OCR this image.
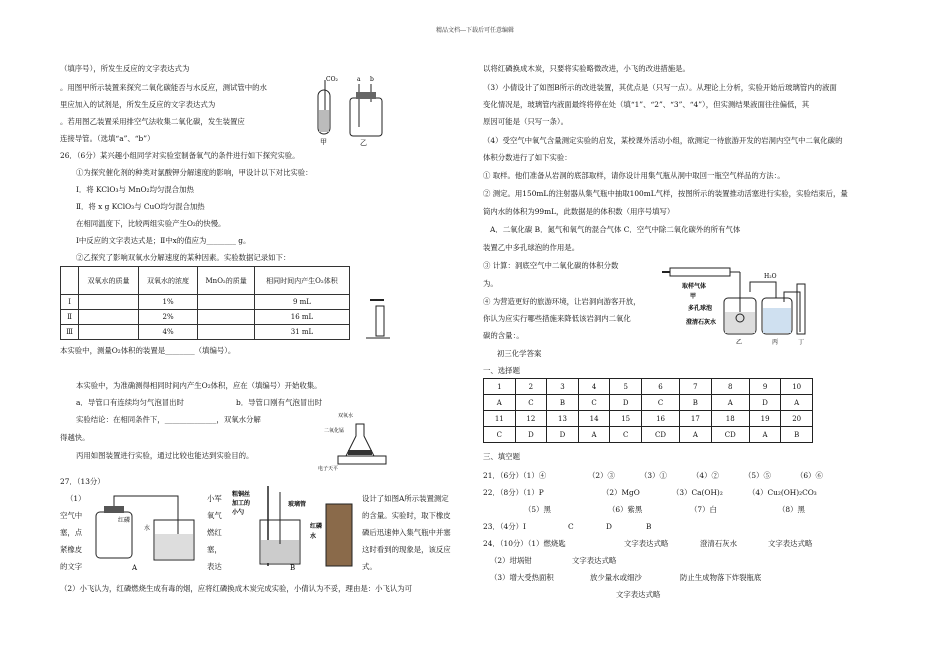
精品文档---下载后可任意编辑
（填序号），所发生反应的文字表达式为
。用图甲所示装置来探究二氧化碳能否与水反应，测试管中的水
里应加入的试剂是，所发生反应的文字表达式为
。若用图乙装置采用排空气法收集二氧化碳，发生装置应
连接导管。（选填“a”、“b”）
CO₂
甲
a b
乙
26．（6分）某兴趣小组同学对实验室制备氧气的条件进行如下探究实验。
①为探究催化剂的种类对氯酸钾分解速度的影响，甲设计以下对比实验：
Ⅰ．将 KClO₃与 MnO₂均匀混合加热
Ⅱ．将 x g KClO₃与 CuO均匀混合加热
在相同温度下，比较两组实验产生O₂的快慢。
Ⅰ中反应的文字表达式是；Ⅱ中x的值应为________ g。
②乙探究了影响双氧水分解速度的某种因素。实验数据记录如下：
	双氧水的质量	双氧水的浓度	MnO₂的质量	相同时间内产生O₂体积
Ⅰ		1%		9 mL
Ⅱ		2%		16 mL
Ⅲ		4%		31 mL
本实验中，测量O₂体积的装置是________（填编号）。
本实验中，为准确测得相同时间内产生O₂体积，应在（填编号）开始收集。
a．导管口有连续均匀气泡冒出时	b．导管口刚有气泡冒出时
实验结论：在相同条件下，______________，双氧水分解
得越快。
丙用如图装置进行实验，通过比较也能达到实验目的。
双氧水
二氧化锰
电子天平
27．（13分）
（1）
空气中
塞，点
紧橡皮
的文字
红磷
水
A
小军
氧气
燃红
塞，
表达
粗铜丝
加工的
小勺
玻璃管
红磷
水
B
设计了如图A所示装置测定
的含量。实验时，取下橡皮
磷后迅速伸入集气瓶中并塞
这时看到的现象是，该反应
式。
（2）小飞认为，红磷燃烧生成有毒的烟，应将红磷换成木炭完成实验，小倩认为不妥，理由是：小飞认为可
以将红磷换成木炭，只要将实验略微改进，小飞的改进措施是。
（3）小倩设计了如图B所示的改进装置，其优点是（只写一点）。从理论上分析，实验开始后玻璃管内的液面
变化情况是，玻璃管内液面最终将停在处（填“1”、“2”、“3”、“4”），但实测结果液面往往偏低，其
原因可能是（只写一条）。
（4）受空气中氧气含量测定实验的启发，某校课外活动小组，欲测定一待旅游开发的岩洞内空气中二氧化碳的
体积分数进行了如下实验：
① 取样。他们准备从岩洞的底部取样，请你设计用集气瓶从洞中取回一瓶空气样品的方法：。
② 测定。用150mL的注射器从集气瓶中抽取100mL气样，按图所示的装置推动活塞进行实验，实验结束后，量
筒内水的体积为99mL，此数据是的体积数（用序号填写）
A．二氧化碳 B．氮气和氧气的混合气体 C．空气中除二氧化碳外的所有气体
装置乙中多孔球泡的作用是。
③ 计算：洞底空气中二氧化碳的体积分数
为。
④ 为营造更好的旅游环境，让岩洞向游客开放，
你认为应实行哪些措施来降低该岩洞内二氧化
碳的含量：。
取样气体
甲
多孔球泡
澄清石灰水
H₂O
乙	丙	丁
初三化学答案
一、选择题
1	2	3	4	5	6	7	8	9	10
A	C	B	C	D	C	B	A	D	A
11	12	13	14	15	16	17	18	19	20
C	D	D	A	C	CD	A	CD	A	B
三、填空题
21．（6分）（1）④	（2）③	（3）①	（4）②	（5）⑤	（6）⑥
22．（8分）（1）P	（2）MgO	（3）Ca(OH)₂	（4）Cu₂(OH)₂CO₃
（5）黑	（6）紫黑	（7）白	（8）黑
23．（4分）I	C	D	B
24．（10分）（1）燃烧匙	文字表达式略	澄清石灰水	文字表达式略
（2）坩埚钳	文字表达式略
（3）增大受热面积	放少量水或细沙	防止生成物落下炸裂瓶底
文字表达式略
